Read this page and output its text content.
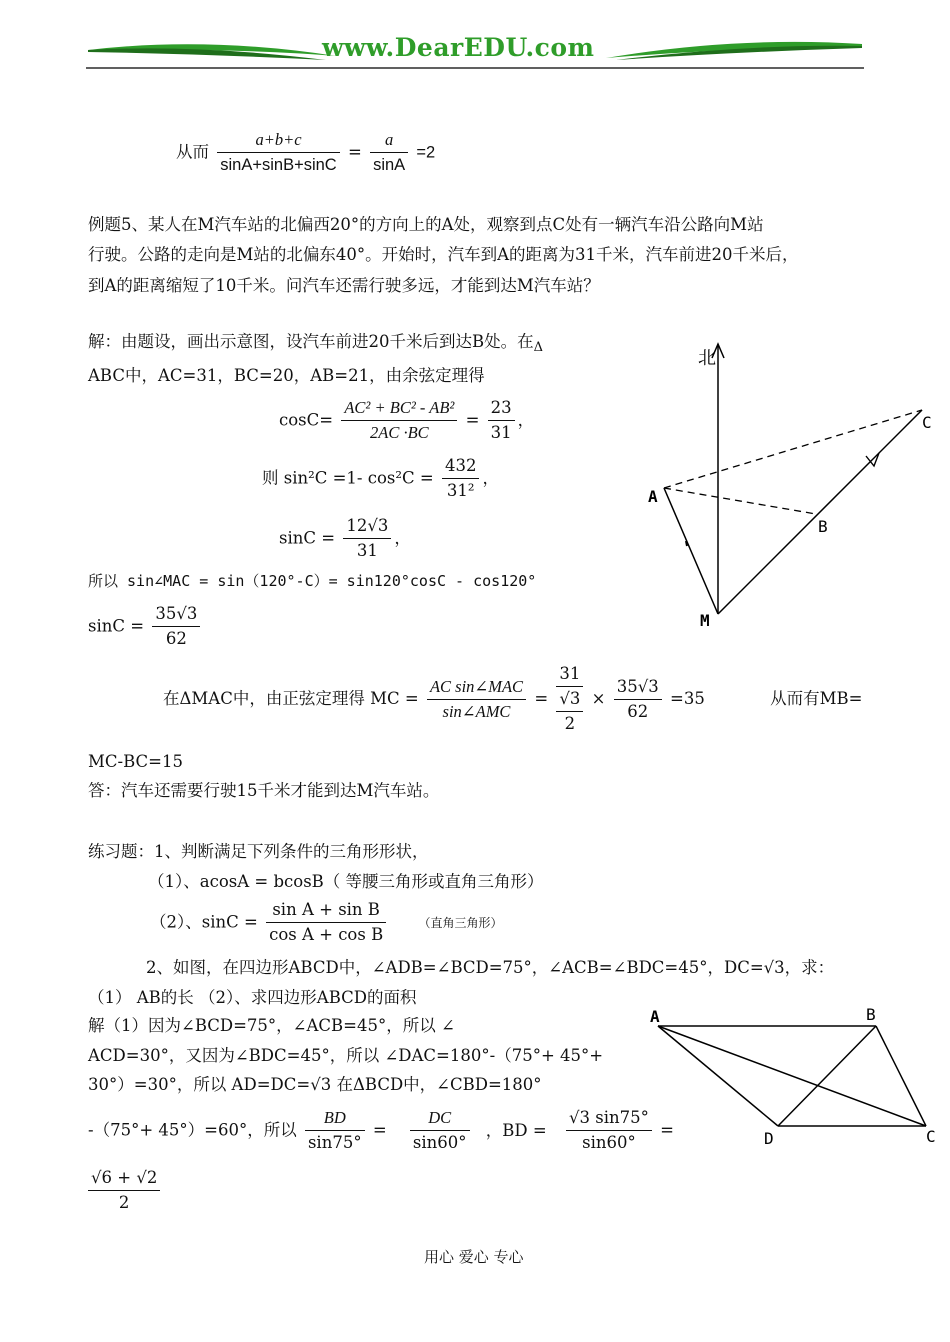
www.DearEDU.com
从而 $\frac{a+b+c}{\sin A+\sin B+\sin C} = \frac{a}{\sin A} =2$
例题5、某人在M汽车站的北偏西20°的方向上的A处，观察到点C处有一辆汽车沿公路向M站
行驶。公路的走向是M站的北偏东40°。开始时，汽车到A的距离为31千米，汽车前进20千米后，
到A的距离缩短了10千米。问汽车还需行驶多远，才能到达M汽车站？
解：由题设，画出示意图，设汽车前进20千米后到达B处。在$_\Delta$
ABC中，AC=31，BC=20，AB=21，由余弦定理得
$\cos C= \frac{\text{AC² + BC² - AB²}}{2AC \cdot BC} = \frac{23}{31}$ ，
则 sin²C =1- $\cos^2C = \frac{432}{\text{31²}}$ ，
$\sin C = \frac{12√3}{31}$ ，
所以 sin∠MAC = sin（120°-C）= sin120°cosC - cos120°
$\sin C = \frac{35√3}{62}$
在ΔMAC中，由正弦定理得 MC = $\frac{\text{AC sin∠MAC}}{\text{sin∠AMC}} = \frac{31}{\frac{√3}{2}} \times \frac{35√3}{62} =35$	从而有MB=
MC-BC=15
答：汽车还需要行驶15千米才能到达M汽车站。
北
A
B
C
M
练习题：1、判断满足下列条件的三角形形状，
（1）、acosA = bcosB（ 等腰三角形或直角三角形）
（2）、$\sin C = \frac{\text{sin A + sin B}}{\text{cos A + cos B}}$	（直角三角形）
2、如图，在四边形ABCD中，∠ADB=∠BCD=75°，∠ACB=∠BDC=45°，DC=√3，求：
（1） AB的长 （2）、求四边形ABCD的面积
解（1）因为∠BCD=75°，∠ACB=45°，所以 ∠
ACD=30°，又因为∠BDC=45°，所以 ∠DAC=180°-（75°+ 45°+
30°）=30°，所以 AD=DC=√3 在ΔBCD中，∠CBD=180°
-（75°+ 45°）=60°，所以 $\frac{BD}{\sin 75^\circ} = \frac{DC}{\sin 60^\circ}$ ，BD = $\frac{√3 \sin 75^\circ}{\sin 60^\circ}$ =
$\frac{√6 + √2}{2}$
A	B
C
D
用心 爱心 专心
